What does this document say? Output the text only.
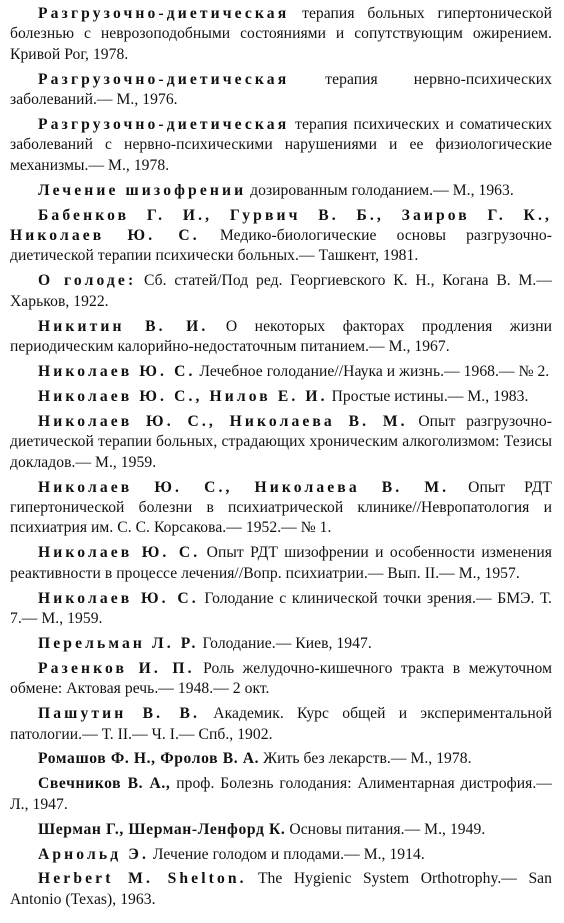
Разгрузочно-диетическая терапия больных гипертонической болезнью с неврозоподобными состояниями и сопутствующим ожирением. Кривой Рог, 1978.

Разгрузочно-диетическая терапия нервно-психических заболеваний.— М., 1976.

Разгрузочно-диетическая терапия психических и соматических заболеваний с нервно-психическими нарушениями и ее физиологические механизмы.— М., 1978.

Лечение шизофрении дозированным голоданием.— М., 1963.

Бабенков Г. И., Гурвич В. Б., Заиров Г. К., Николаев Ю. С. Медико-биологические основы разгрузочно-диетической терапии психически больных.— Ташкент, 1981.

О голоде: Сб. статей/Под ред. Георгиевского К. Н., Когана В. М.— Харьков, 1922.

Никитин В. И. О некоторых факторах продления жизни периодическим калорийно-недостаточным питанием.— М., 1967.

Николаев Ю. С. Лечебное голодание//Наука и жизнь.— 1968.— № 2.

Николаев Ю. С., Нилов Е. И. Простые истины.— М., 1983.

Николаев Ю. С., Николаева В. М. Опыт разгрузочно-диетической терапии больных, страдающих хроническим алкоголизмом: Тезисы докладов.— М., 1959.

Николаев Ю. С., Николаева В. М. Опыт РДТ гипертонической болезни в психиатрической клинике//Невропатология и психиатрия им. С. С. Корсакова.— 1952.— № 1.

Николаев Ю. С. Опыт РДТ шизофрении и особенности изменения реактивности в процессе лечения//Вопр. психиатрии.— Вып. II.— М., 1957.

Николаев Ю. С. Голодание с клинической точки зрения.— БМЭ. Т. 7.— М., 1959.

Перельман Л. Р. Голодание.— Киев, 1947.

Разенков И. П. Роль желудочно-кишечного тракта в межуточном обмене: Актовая речь.— 1948.— 2 окт.

Пашутин В. В. Академик. Курс общей и экспериментальной патологии.— Т. II.— Ч. I.— Спб., 1902.

Ромашов Ф. Н., Фролов В. А. Жить без лекарств.— М., 1978.

Свечников В. А., проф. Болезнь голодания: Алиментарная дистрофия.— Л., 1947.

Шерман Г., Шерман-Ленфорд К. Основы питания.— М., 1949.

Арнольд Э. Лечение голодом и плодами.— М., 1914.

Herbert M. Shelton. The Hygienic System Orthotrophy.— San Antonio (Texas), 1963.
